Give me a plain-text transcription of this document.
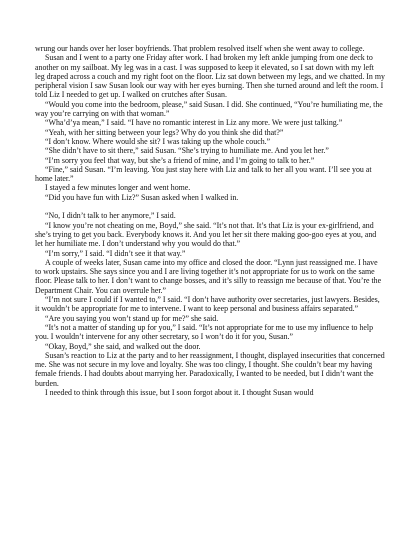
wrung our hands over her loser boyfriends. That problem resolved itself when she went away to college.

Susan and I went to a party one Friday after work. I had broken my left ankle jumping from one deck to another on my sailboat. My leg was in a cast. I was supposed to keep it elevated, so I sat down with my left leg draped across a couch and my right foot on the floor. Liz sat down between my legs, and we chatted. In my peripheral vision I saw Susan look our way with her eyes burning. Then she turned around and left the room. I told Liz I needed to get up. I walked on crutches after Susan.

“Would you come into the bedroom, please,” said Susan. I did. She continued, “You’re humiliating me, the way you’re carrying on with that woman.”

“Wha’d’ya mean,” I said. “I have no romantic interest in Liz any more. We were just talking.”

“Yeah, with her sitting between your legs? Why do you think she did that?”

“I don’t know. Where would she sit? I was taking up the whole couch.”

“She didn’t have to sit there,” said Susan. “She’s trying to humiliate me. And you let her.”

“I’m sorry you feel that way, but she’s a friend of mine, and I’m going to talk to her.”

“Fine,” said Susan. “I’m leaving. You just stay here with Liz and talk to her all you want. I’ll see you at home later.”

I stayed a few minutes longer and went home.

“Did you have fun with Liz?” Susan asked when I walked in.

“No, I didn’t talk to her anymore,” I said.

“I know you’re not cheating on me, Boyd,” she said. “It’s not that. It’s that Liz is your ex-girlfriend, and she’s trying to get you back. Everybody knows it. And you let her sit there making goo-goo eyes at you, and let her humiliate me. I don’t understand why you would do that.”

“I’m sorry,” I said. “I didn’t see it that way.”

A couple of weeks later, Susan came into my office and closed the door. “Lynn just reassigned me. I have to work upstairs. She says since you and I are living together it’s not appropriate for us to work on the same floor. Please talk to her. I don’t want to change bosses, and it’s silly to reassign me because of that. You’re the Department Chair. You can overrule her.”

“I’m not sure I could if I wanted to,” I said. “I don’t have authority over secretaries, just lawyers. Besides, it wouldn’t be appropriate for me to intervene. I want to keep personal and business affairs separated.”

“Are you saying you won’t stand up for me?” she said.

“It’s not a matter of standing up for you,” I said. “It’s not appropriate for me to use my influence to help you. I wouldn’t intervene for any other secretary, so I won’t do it for you, Susan.”

“Okay, Boyd,” she said, and walked out the door.

Susan’s reaction to Liz at the party and to her reassignment, I thought, displayed insecurities that concerned me. She was not secure in my love and loyalty. She was too clingy, I thought. She couldn’t bear my having female friends. I had doubts about marrying her. Paradoxically, I wanted to be needed, but I didn’t want the burden.

I needed to think through this issue, but I soon forgot about it. I thought Susan would
